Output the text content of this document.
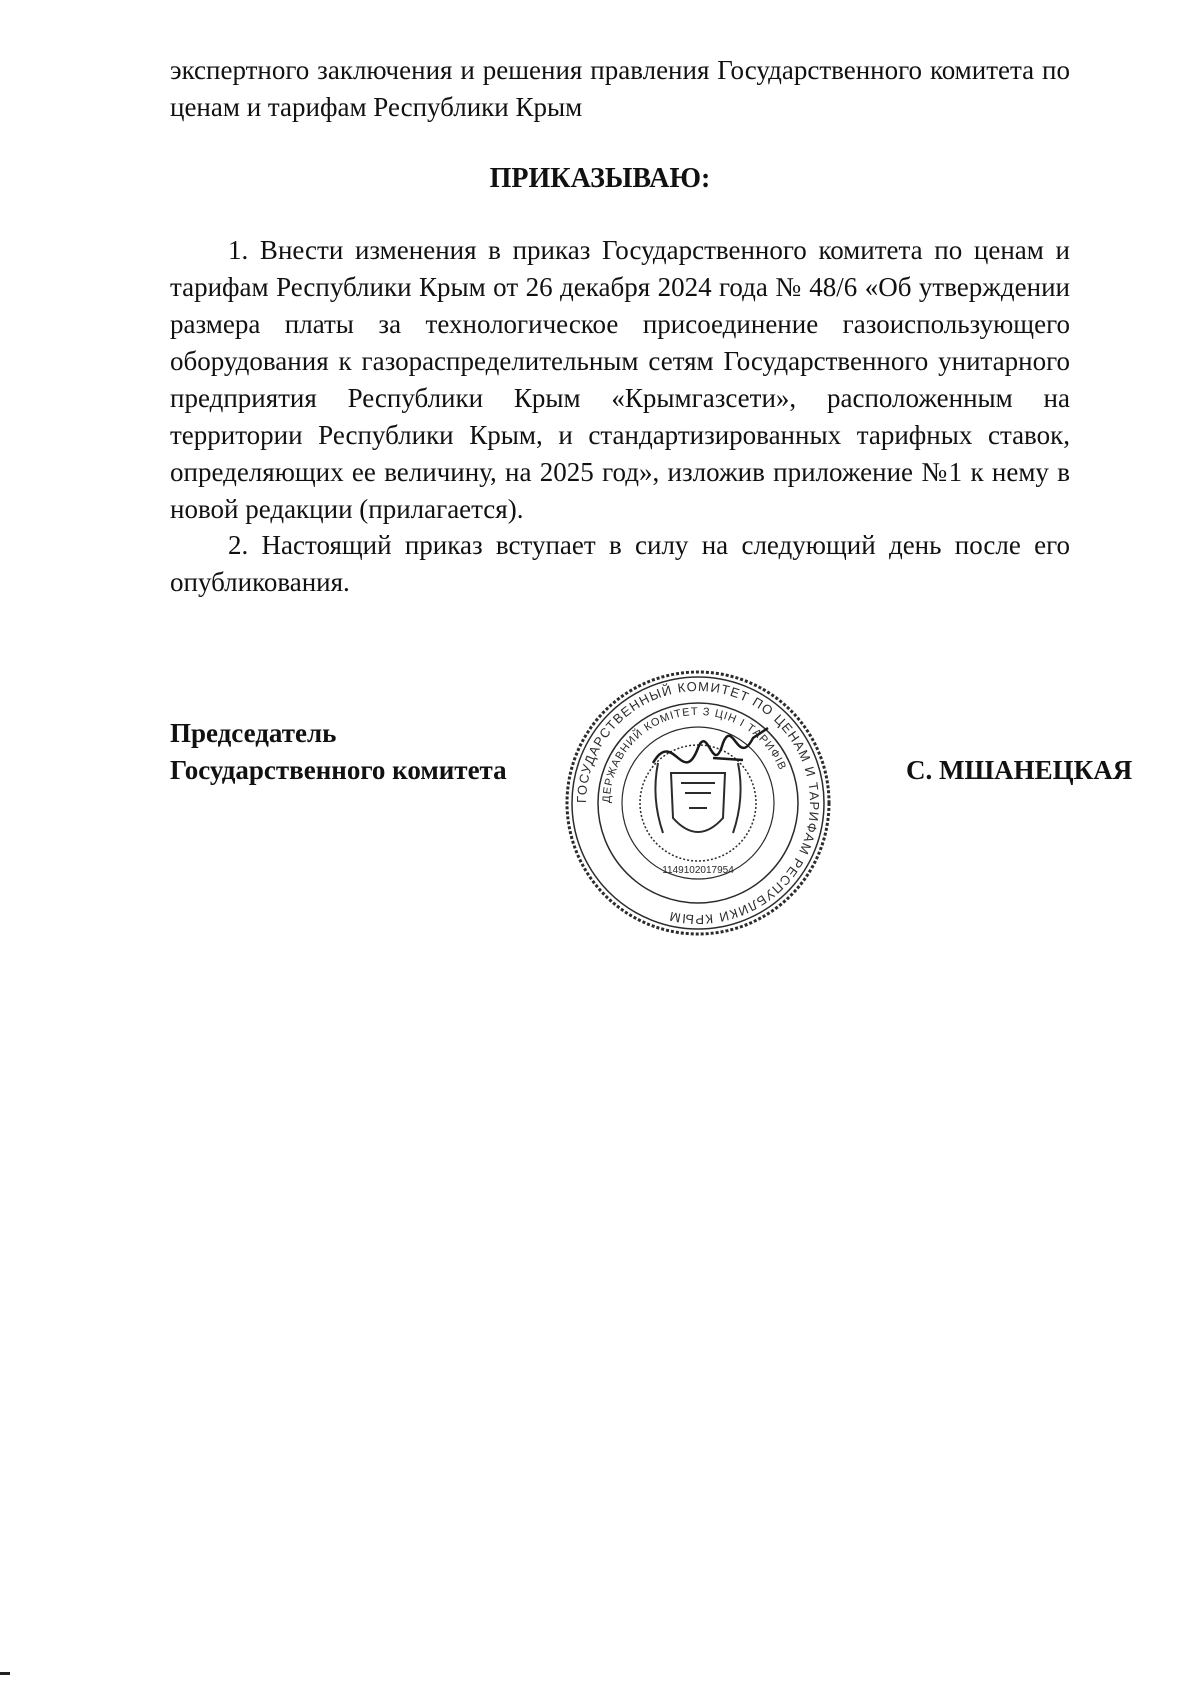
экспертного заключения и решения правления Государственного комитета по ценам и тарифам Республики Крым

ПРИКАЗЫВАЮ:

1. Внести изменения в приказ Государственного комитета по ценам и тарифам Республики Крым от 26 декабря 2024 года № 48/6 «Об утверждении размера платы за технологическое присоединение газоиспользующего оборудования к газораспределительным сетям Государственного унитарного предприятия Республики Крым «Крымгазсети», расположенным на территории Республики Крым, и стандартизированных тарифных ставок, определяющих ее величину, на 2025 год», изложив приложение №1 к нему в новой редакции (прилагается).

2. Настоящий приказ вступает в силу на следующий день после его опубликования.

Председатель
Государственного комитета
ГОСУДАРСТВЕННЫЙ КОМИТЕТ ПО ЦЕНАМ И ТАРИФАМ РЕСПУБЛИКИ КРЫМ
ДЕРЖАВНИЙ КОМІТЕТ З ЦІН І ТАРИФІВ
1149102017954
С. МШАНЕЦКАЯ
